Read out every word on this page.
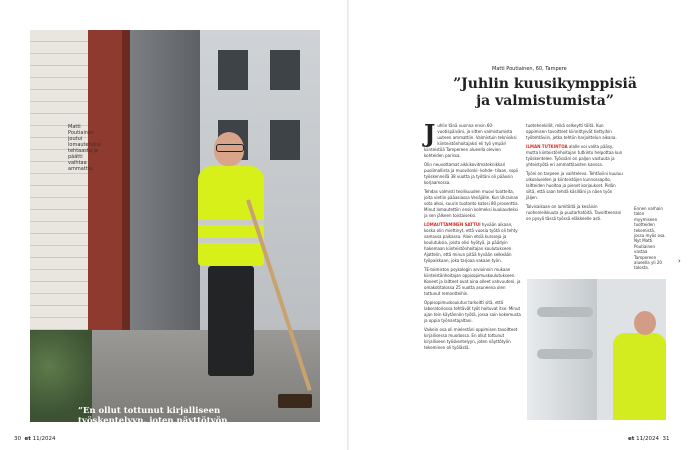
Matti Poutiainen joutui lomautetuksi tehtaasta ja päätti vaihtaa ammattia.
”En ollut tottunut kirjalliseen työskentelyyn, joten näyttötyön tekeminen oli työlästä.”
30 et 11/2024
Matti Poutiainen, 60, Tampere
”Juhlin kuusikymppisiä
ja valmistumista”

Juhlin tänä vuonna ensin 60-vuotispäiväni, ja sitten valmistumista uuteen ammattiin. Valmistuin teknisiksi kiinteistönhoitajaksi eli työ ympäri kiinteistöä Tampereen alueella olevien kohteiden parissa.

Olin neuvottamat aikkikovitmateknikkari puolimallista ja muovilonki- kohde- tilaan, sopii työskennellä 38 vuotta ja työtäni oli pääosin korjaamossa.

Tehdas valmisti teollisuuden muovi tuotteita, joita vietiin pääasiassa Venäjälle. Kun Ukrainan sota alkoi, suurin tuotanto katosi 80 prosenttia. Minut lomautettiin ensin kolmeksi kuukaudeksi ja sen jälkeen toistaiseksi.

LOMAUTTAMINEN SATTUI hyvään aikaan, koska olin miettinyt, että vuosia työtä oli tehty samassa paikassa. Aloin etsiä kursseja ja koulutuksia, joista olisi hyötyä, ja päädyin hakemaan kiinteistönhoitajan koulutukseen. Ajattelin, että minun pitää hyvään selkeään työpaikkaan, joka tarjoaa vakaan työn.

TE-toimiston psykologin arvioinnin mukaan kiinteistönhoitajan oppisopimuskoulutukseen. Koneet ja laitteet ovat aina olleet vahvuuteni, ja omakotitalossa 25 vuotta asuneena olen tottunut remontteihin.

Oppisopimuskoulutus tarkoitti sitä, että laboratoriossa tehtävät työt hoituvat itse. Minut ajan tein käytännön työtä, jossa sain kokemusta ja oppia työnantajaltani.

Vaikein osa oli mielestäni oppimisen tavoitteet kirjallisessa muodossa. En ollut tottunut kirjalliseen työskentelyyn, joten näyttötyön tekeminen oli työlästä.

tuotehenkilöt, mikä selkeytti töitä. Kun oppimisen tavoitteet kiinnittyivät tiettyihin työtehtäviin, jotka tehtiin harjoittelun aikana.

ILMAN TUTKINTOA alalle voi valita pääsy, mutta kiinteistönhoitajan tutkinto helpottaa kun työskentelee. Työssäni on paljon vastuuta ja yhteistyötä eri ammattilaisten kanssa.

Työni on tarpeen ja vaihteleva. Tehtäviini kuuluu ulkoalueiden ja kiinteistöjen kunnossapito, laitteiden huoltoa ja pienet korjaukset. Pidän siitä, että saan tehdä käsilläni ja näen työn jäljen.

Talvisaikaan on lumitöitä ja kesäisin ruohonleikkuuta ja puutarhatöitä. Tavoitteenani on pysyä tässä työssä eläkkeelle asti.

Ennen varhain talon myymiseen tuotteiden tekemistä, jossa myös osa. Nyt Matti Poutiainen vastaa Tampereen alueella yli 20 talosta.
›
et 11/2024 31
